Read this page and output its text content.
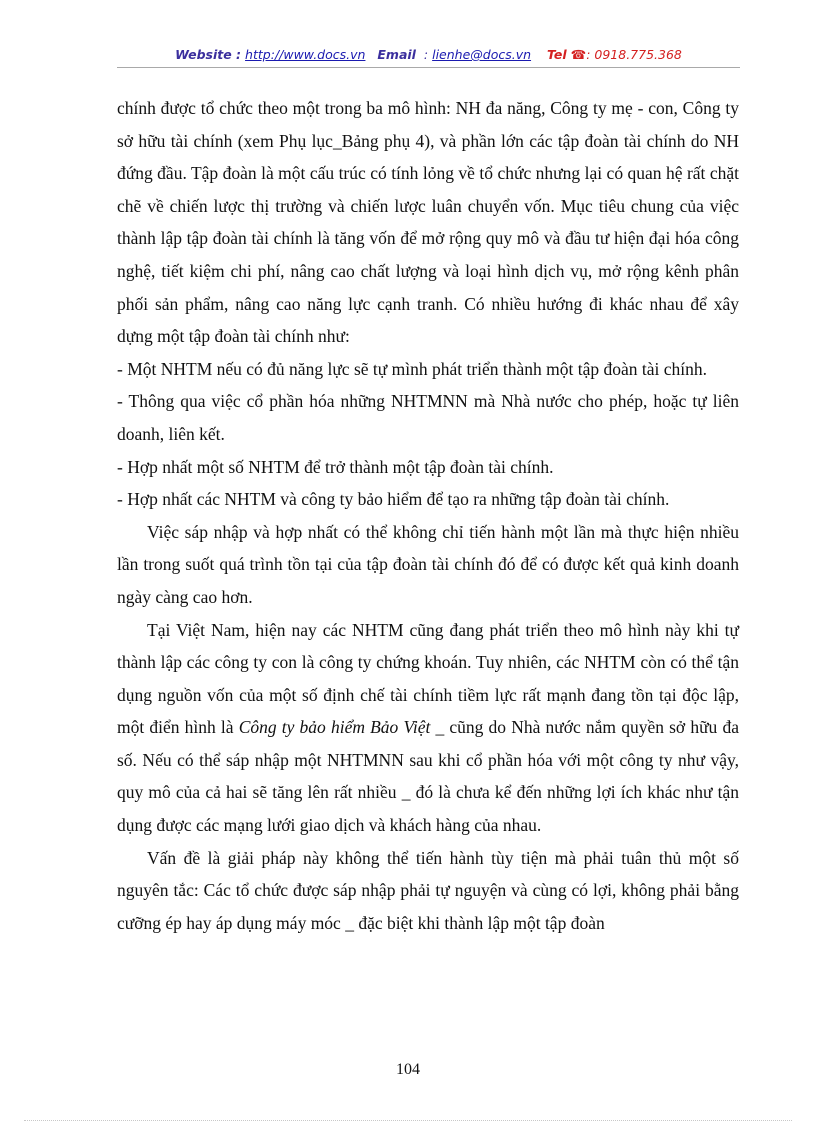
Website : http://www.docs.vn Email : lienhe@docs.vn Tel ☎: 0918.775.368

chính được tổ chức theo một trong ba mô hình: NH đa năng, Công ty mẹ - con, Công ty sở hữu tài chính (xem Phụ lục_Bảng phụ 4), và phần lớn các tập đoàn tài chính do NH đứng đầu. Tập đoàn là một cấu trúc có tính lỏng về tổ chức nhưng lại có quan hệ rất chặt chẽ về chiến lược thị trường và chiến lược luân chuyển vốn. Mục tiêu chung của việc thành lập tập đoàn tài chính là tăng vốn để mở rộng quy mô và đầu tư hiện đại hóa công nghệ, tiết kiệm chi phí, nâng cao chất lượng và loại hình dịch vụ, mở rộng kênh phân phối sản phẩm, nâng cao năng lực cạnh tranh. Có nhiều hướng đi khác nhau để xây dựng một tập đoàn tài chính như:

- Một NHTM nếu có đủ năng lực sẽ tự mình phát triển thành một tập đoàn tài chính.

- Thông qua việc cổ phần hóa những NHTMNN mà Nhà nước cho phép, hoặc tự liên doanh, liên kết.

- Hợp nhất một số NHTM để trở thành một tập đoàn tài chính.

- Hợp nhất các NHTM và công ty bảo hiểm để tạo ra những tập đoàn tài chính.

Việc sáp nhập và hợp nhất có thể không chỉ tiến hành một lần mà thực hiện nhiều lần trong suốt quá trình tồn tại của tập đoàn tài chính đó để có được kết quả kinh doanh ngày càng cao hơn.

Tại Việt Nam, hiện nay các NHTM cũng đang phát triển theo mô hình này khi tự thành lập các công ty con là công ty chứng khoán. Tuy nhiên, các NHTM còn có thể tận dụng nguồn vốn của một số định chế tài chính tiềm lực rất mạnh đang tồn tại độc lập, một điển hình là Công ty bảo hiểm Bảo Việt _ cũng do Nhà nước nắm quyền sở hữu đa số. Nếu có thể sáp nhập một NHTMNN sau khi cổ phần hóa với một công ty như vậy, quy mô của cả hai sẽ tăng lên rất nhiều _ đó là chưa kể đến những lợi ích khác như tận dụng được các mạng lưới giao dịch và khách hàng của nhau.

Vấn đề là giải pháp này không thể tiến hành tùy tiện mà phải tuân thủ một số nguyên tắc: Các tổ chức được sáp nhập phải tự nguyện và cùng có lợi, không phải bằng cưỡng ép hay áp dụng máy móc _ đặc biệt khi thành lập một tập đoàn

104
